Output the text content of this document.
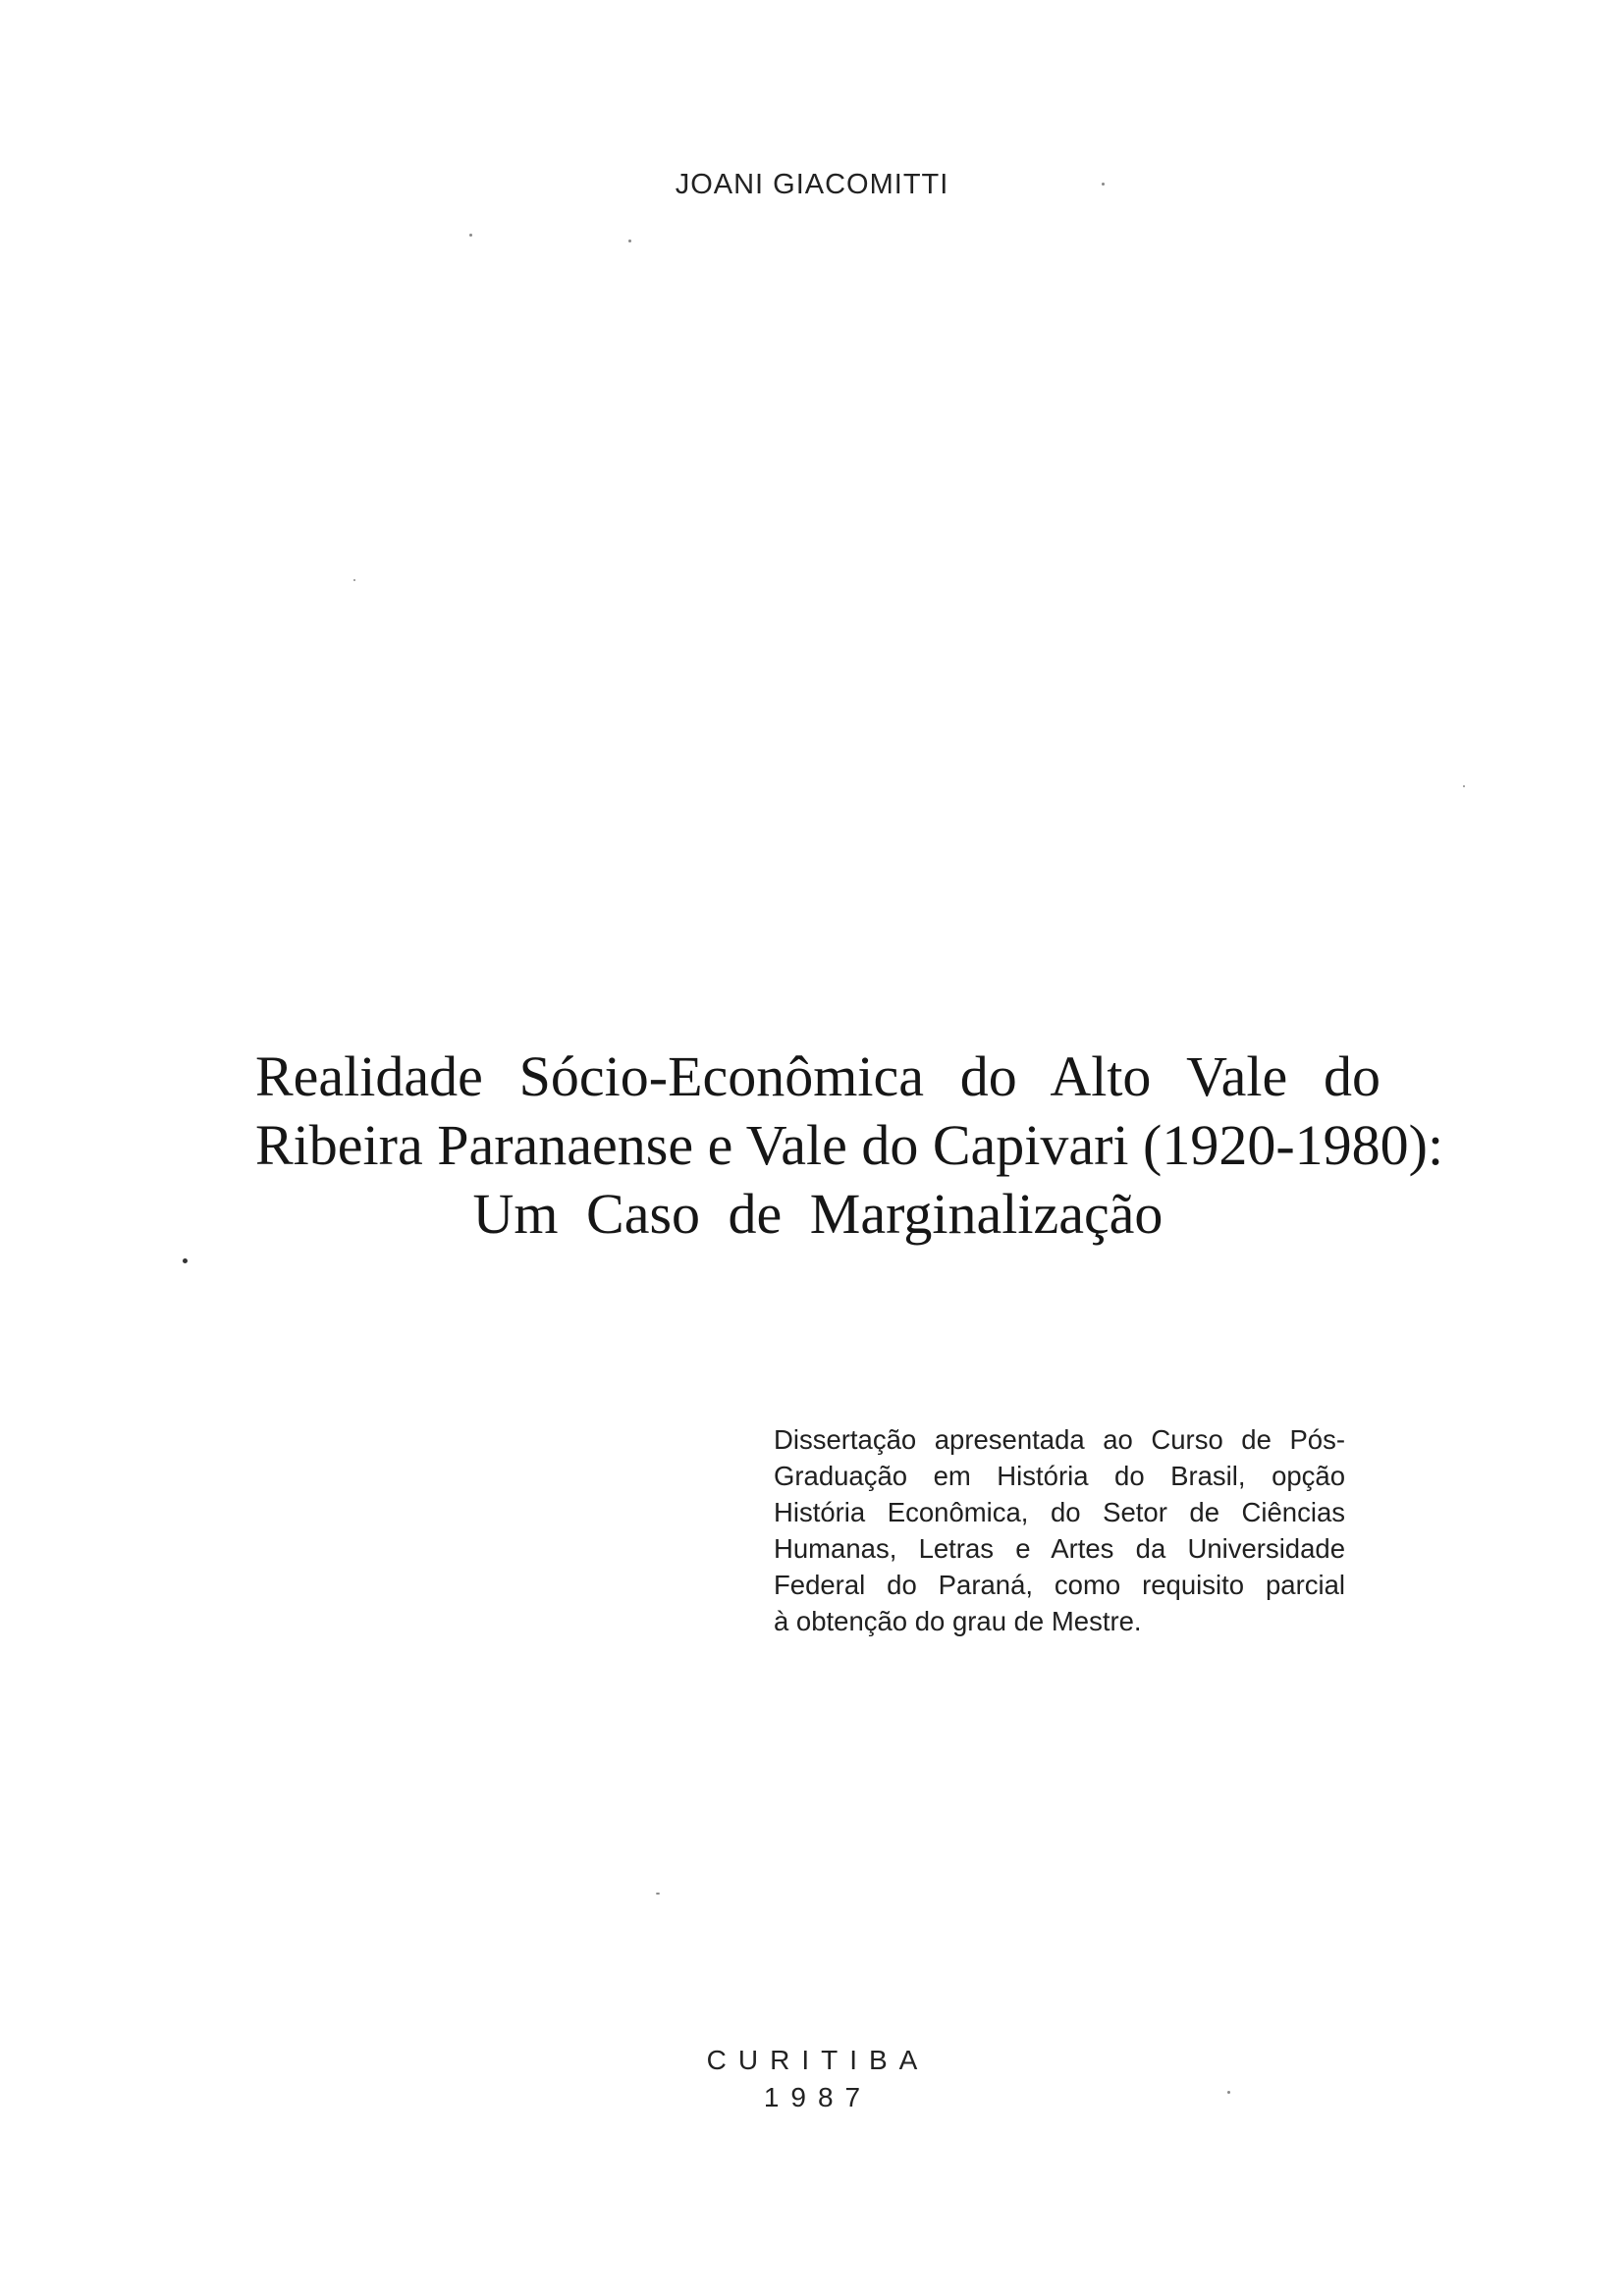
JOANI GIACOMITTI
Realidade Sócio-Econômica do Alto Vale do
Ribeira Paranaense e Vale do Capivari (1920-1980):
Um Caso de Marginalização
Dissertação apresentada ao Curso de Pós-
Graduação em História do Brasil, opção
História Econômica, do Setor de Ciências
Humanas, Letras e Artes da Universidade
Federal do Paraná, como requisito parcial
à obtenção do grau de Mestre.
CURITIBA
1987
